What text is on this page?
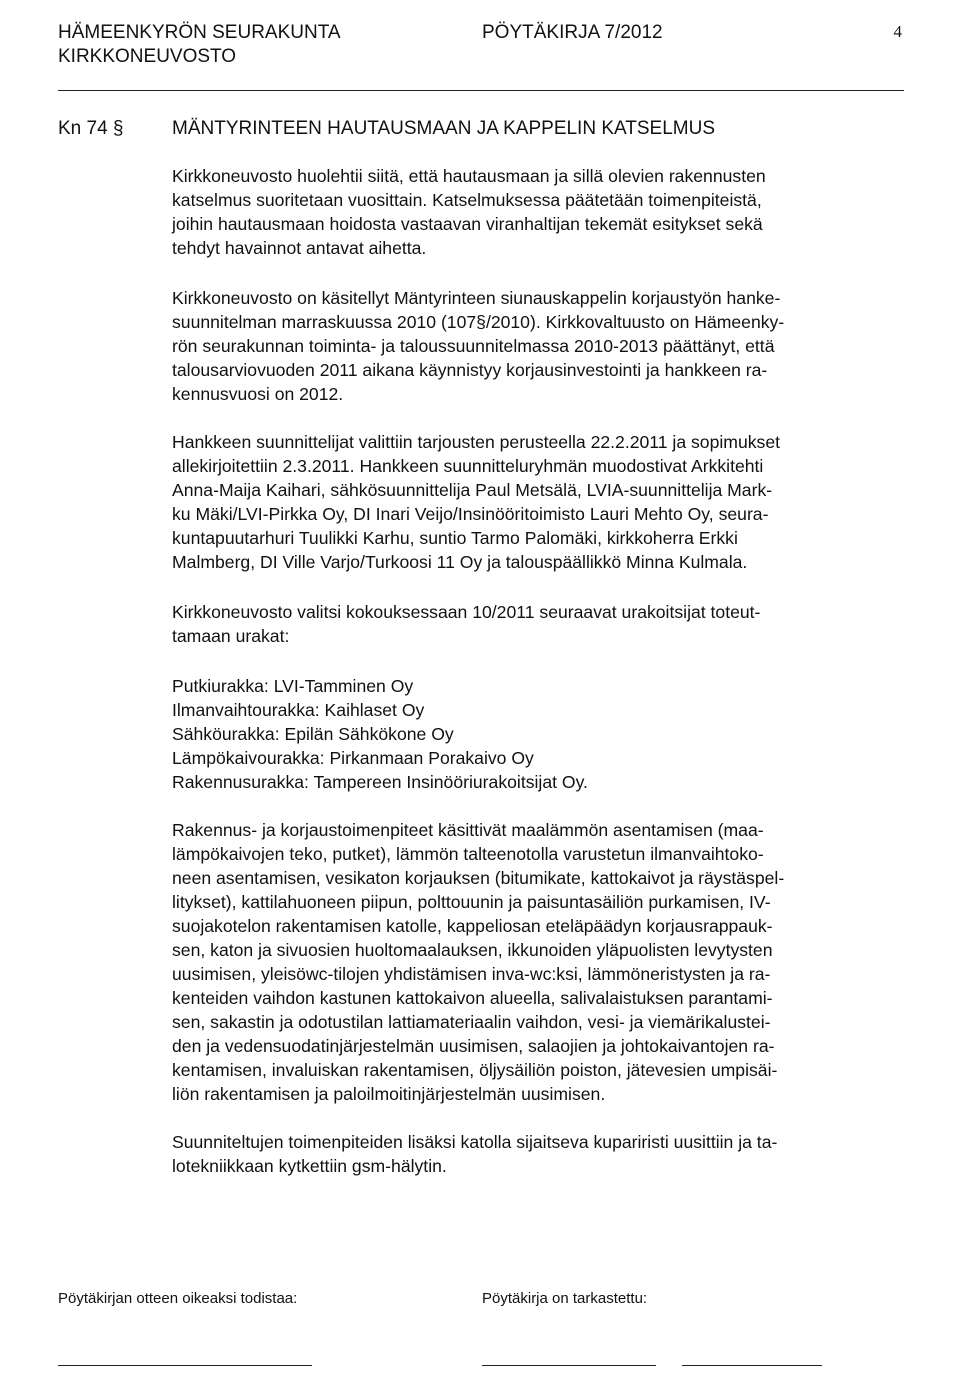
HÄMEENKYRÖN SEURAKUNTA
KIRKKONEUVOSTO
PÖYTÄKIRJA 7/2012	4
Kn 74 §	MÄNTYRINTEEN HAUTAUSMAAN JA KAPPELIN KATSELMUS

Kirkkoneuvosto huolehtii siitä, että hautausmaan ja sillä olevien rakennusten
katselmus suoritetaan vuosittain. Katselmuksessa päätetään toimenpiteistä,
joihin hautausmaan hoidosta vastaavan viranhaltijan tekemät esitykset sekä
tehdyt havainnot antavat aihetta.

Kirkkoneuvosto on käsitellyt Mäntyrinteen siunauskappelin korjaustyön hanke-
suunnitelman marraskuussa 2010 (107§/2010). Kirkkovaltuusto on Hämeenky-
rön seurakunnan toiminta- ja taloussuunnitelmassa 2010-2013 päättänyt, että
talousarviovuoden 2011 aikana käynnistyy korjausinvestointi ja hankkeen ra-
kennusvuosi on 2012.

Hankkeen suunnittelijat valittiin tarjousten perusteella 22.2.2011 ja sopimukset
allekirjoitettiin 2.3.2011. Hankkeen suunnitteluryhmän muodostivat Arkkitehti
Anna-Maija Kaihari, sähkösuunnittelija Paul Metsälä, LVIA-suunnittelija Mark-
ku Mäki/LVI-Pirkka Oy, DI Inari Veijo/Insinööritoimisto Lauri Mehto Oy, seura-
kuntapuutarhuri Tuulikki Karhu, suntio Tarmo Palomäki, kirkkoherra Erkki
Malmberg, DI Ville Varjo/Turkoosi 11 Oy ja talouspäällikkö Minna Kulmala.

Kirkkoneuvosto valitsi kokouksessaan 10/2011 seuraavat urakoitsijat toteut-
tamaan urakat:

Putkiurakka: LVI-Tamminen Oy
Ilmanvaihtourakka: Kaihlaset Oy
Sähköurakka: Epilän Sähkökone Oy
Lämpökaivourakka: Pirkanmaan Porakaivo Oy
Rakennusurakka: Tampereen Insinööriurakoitsijat Oy.

Rakennus- ja korjaustoimenpiteet käsittivät maalämmön asentamisen (maa-
lämpökaivojen teko, putket), lämmön talteenotolla varustetun ilmanvaihtoko-
neen asentamisen, vesikaton korjauksen (bitumikate, kattokaivot ja räystäspel-
litykset), kattilahuoneen piipun, polttouunin ja paisuntasäiliön purkamisen, IV-
suojakotelon rakentamisen katolle, kappeliosan eteläpäädyn korjausrappauk-
sen, katon ja sivuosien huoltomaalauksen, ikkunoiden yläpuolisten levytysten
uusimisen, yleisöwc-tilojen yhdistämisen inva-wc:ksi, lämmöneristysten ja ra-
kenteiden vaihdon kastunen kattokaivon alueella, salivalaistuksen parantami-
sen, sakastin ja odotustilan lattiamateriaalin vaihdon, vesi- ja viemärikalustei-
den ja vedensuodatinjärjestelmän uusimisen, salaojien ja johtokaivantojen ra-
kentamisen, invaluiskan rakentamisen, öljysäiliön poiston, jätevesien umpisäi-
liön rakentamisen ja paloilmoitinjärjestelmän uusimisen.

Suunniteltujen toimenpiteiden lisäksi katolla sijaitseva kupariristi uusittiin ja ta-
lotekniikkaan kytkettiin gsm-hälytin.

Pöytäkirjan otteen oikeaksi todistaa:	Pöytäkirja on tarkastettu:
